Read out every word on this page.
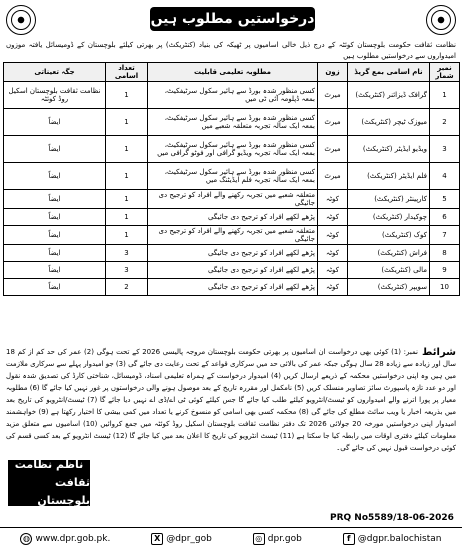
درخواستیں مطلوب ہیں
نظامت ثقافت حکومت بلوچستان کوئٹہ کے درج ذیل خالی اسامیوں پر ٹھیکہ کی بنیاد (کنٹریکٹ) پر بھرتی کیلئے بلوچستان کے ڈومیسائل یافتہ موزوں امیدواروں سے درخواستیں مطلوب ہیں
نمبر شمار	نام اسامی بمع گریڈ	زون	مطلوبہ تعلیمی قابلیت	تعداد اسامی	جگہ تعیناتی
1	گرافک ڈیزائنر (کنٹریکٹ)	میرٹ	کسی منظور شدہ بورڈ سے ہائیر سکول سرٹیفکیٹ، بمعہ ڈپلومہ آئی ٹی میں	1	نظامت ثقافت بلوچستان اسکیل روڈ کوئٹہ
2	میوزک ٹیچر (کنٹریکٹ)	میرٹ	کسی منظور شدہ بورڈ سے ہائیر سکول سرٹیفکیٹ، بمعہ ایک سالہ تجربہ متعلقہ شعبے میں	1	ایضاً
3	ویڈیو ایڈیٹر (کنٹریکٹ)	میرٹ	کسی منظور شدہ بورڈ سے ہائیر سکول سرٹیفکیٹ، بمعہ ایک سالہ تجربہ ویڈیو گرافی اور فوٹو گرافی میں	1	ایضاً
4	فلم ایڈیٹر (کنٹریکٹ)	میرٹ	کسی منظور شدہ بورڈ سے ہائیر سکول سرٹیفکیٹ، بمعہ ایک سالہ تجربہ فلم ایڈیٹنگ میں	1	ایضاً
5	کارپینٹر (کنٹریکٹ)	کوٹہ	متعلقہ شعبے میں تجربہ رکھنے والے افراد کو ترجیح دی جائیگی	1	ایضاً
6	چوکیدار (کنٹریکٹ)	کوٹہ	پڑھے لکھے افراد کو ترجیح دی جائیگی	1	ایضاً
7	کوک (کنٹریکٹ)	کوٹہ	متعلقہ شعبے میں تجربہ رکھنے والے افراد کو ترجیح دی جائیگی	1	ایضاً
8	فراش (کنٹریکٹ)	کوٹہ	پڑھے لکھے افراد کو ترجیح دی جائیگی	3	ایضاً
9	مالی (کنٹریکٹ)	کوٹہ	پڑھے لکھے افراد کو ترجیح دی جائیگی	3	ایضاً
10	سویپر (کنٹریکٹ)	کوٹہ	پڑھے لکھے افراد کو ترجیح دی جائیگی	2	ایضاً
شرائط
نمبر: (1) کوئی بھی درخواست ان اسامیوں پر بھرتی حکومت بلوچستان مروجہ پالیسی 2026 کے تحت ہوگی (2) عمر کی حد کم از کم 18 سال اور زیادہ سے زیادہ 28 سال ہوگی جبکہ عمر کی بالائی حد میں سرکاری قواعد کے تحت رعایت دی جائے گی (3) جو امیدوار پہلے سے سرکاری ملازمت میں ہیں وہ اپنی درخواستیں محکمہ کے ذریعے ارسال کریں (4) امیدوار درخواست کے ہمراہ تعلیمی اسناد، ڈومیسائل، شناختی کارڈ کی تصدیق شدہ نقول اور دو عدد تازہ پاسپورٹ سائز تصاویر منسلک کریں (5) نامکمل اور مقررہ تاریخ کے بعد موصول ہونے والی درخواستوں پر غور نہیں کیا جائے گا (6) مطلوبہ معیار پر پورا اترنے والے امیدواروں کو ٹیسٹ/انٹرویو کیلئے طلب کیا جائے گا جس کیلئے کوئی ٹی اے/ڈی اے نہیں دیا جائے گا (7) ٹیسٹ/انٹرویو کی تاریخ بعد میں بذریعہ اخبار یا ویب سائٹ مطلع کی جائے گی (8) محکمہ کسی بھی اسامی کو منسوخ کرنے یا تعداد میں کمی بیشی کا اختیار رکھتا ہے (9) خواہشمند امیدوار اپنی درخواستیں مورخہ 20 جولائی 2026 تک دفتر نظامت ثقافت بلوچستان اسکیل روڈ کوئٹہ میں جمع کروائیں (10) اسامیوں سے متعلق مزید معلومات کیلئے دفتری اوقات میں رابطہ کیا جا سکتا ہے (11) ٹیسٹ انٹرویو کی تاریخ کا اعلان بعد میں کیا جائے گا (12) ٹیسٹ انٹرویو کے بعد کسی قسم کی کوئی درخواست قبول نہیں کی جائے گی۔
ناظم نظامت
ثقافت بلوچستان
PRQ No5589/18-06-2026
◍ www.dpr.gob.pk.	X @dpr_gob	◎ dpr.gob	f @dgpr.balochistan
